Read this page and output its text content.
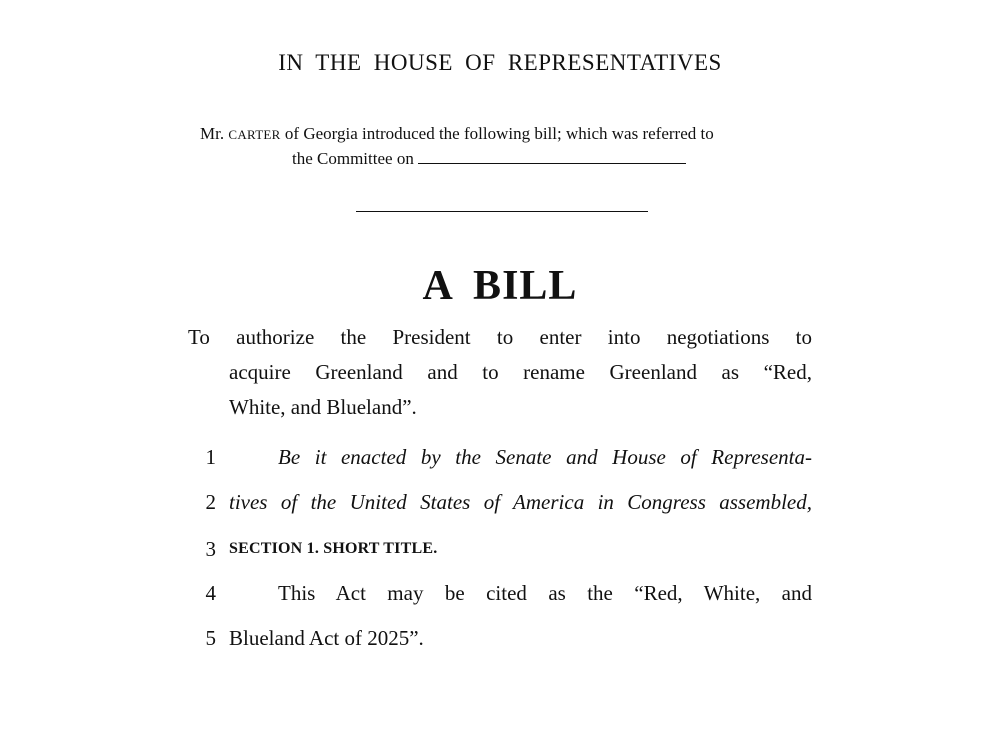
IN THE HOUSE OF REPRESENTATIVES
Mr. CARTER of Georgia introduced the following bill; which was referred to
the Committee on
A BILL
To authorize the President to enter into negotiations to
acquire Greenland and to rename Greenland as “Red,
White, and Blueland”.
1	Be it enacted by the Senate and House of Representa-
2 tives of the United States of America in Congress assembled,
3 SECTION 1. SHORT TITLE.
4	This Act may be cited as the “Red, White, and
5 Blueland Act of 2025”.
